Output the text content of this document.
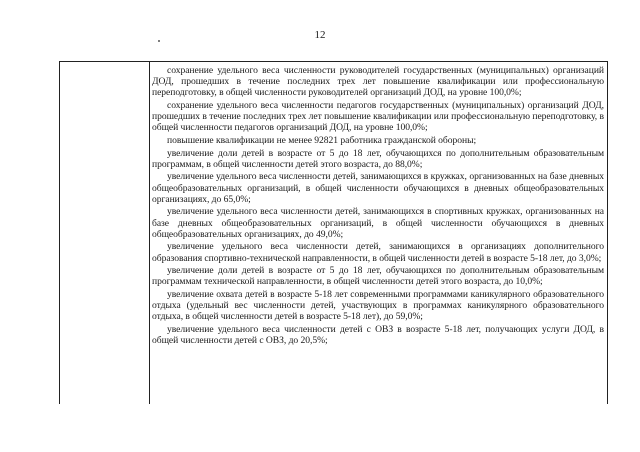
12

сохранение удельного веса численности руководителей государственных (муниципальных) организаций ДОД, прошедших в течение последних трех лет повышение квалификации или профессиональную переподготовку, в общей численности руководителей организаций ДОД, на уровне 100,0%;

сохранение удельного веса численности педагогов государственных (муниципальных) организаций ДОД, прошедших в течение последних трех лет повышение квалификации или профессиональную переподготовку, в общей численности педагогов организаций ДОД, на уровне 100,0%;

повышение квалификации не менее 92821 работника гражданской обороны;

увеличение доли детей в возрасте от 5 до 18 лет, обучающихся по дополнительным образовательным программам, в общей численности детей этого возраста, до 88,0%;

увеличение удельного веса численности детей, занимающихся в кружках, организованных на базе дневных общеобразовательных организаций, в общей численности обучающихся в дневных общеобразовательных организациях, до 65,0%;

увеличение удельного веса численности детей, занимающихся в спортивных кружках, организованных на базе дневных общеобразовательных организаций, в общей численности обучающихся в дневных общеобразовательных организациях, до 49,0%;

увеличение удельного веса численности детей, занимающихся в организациях дополнительного образования спортивно-технической направленности, в общей численности детей в возрасте 5-18 лет, до 3,0%;

увеличение доли детей в возрасте от 5 до 18 лет, обучающихся по дополнительным образовательным программам технической направленности, в общей численности детей этого возраста, до 10,0%;

увеличение охвата детей в возрасте 5-18 лет современными программами каникулярного образовательного отдыха (удельный вес численности детей, участвующих в программах каникулярного образовательного отдыха, в общей численности детей в возрасте 5-18 лет), до 59,0%;

увеличение удельного веса численности детей с ОВЗ в возрасте 5-18 лет, получающих услуги ДОД, в общей численности детей с ОВЗ, до 20,5%;
